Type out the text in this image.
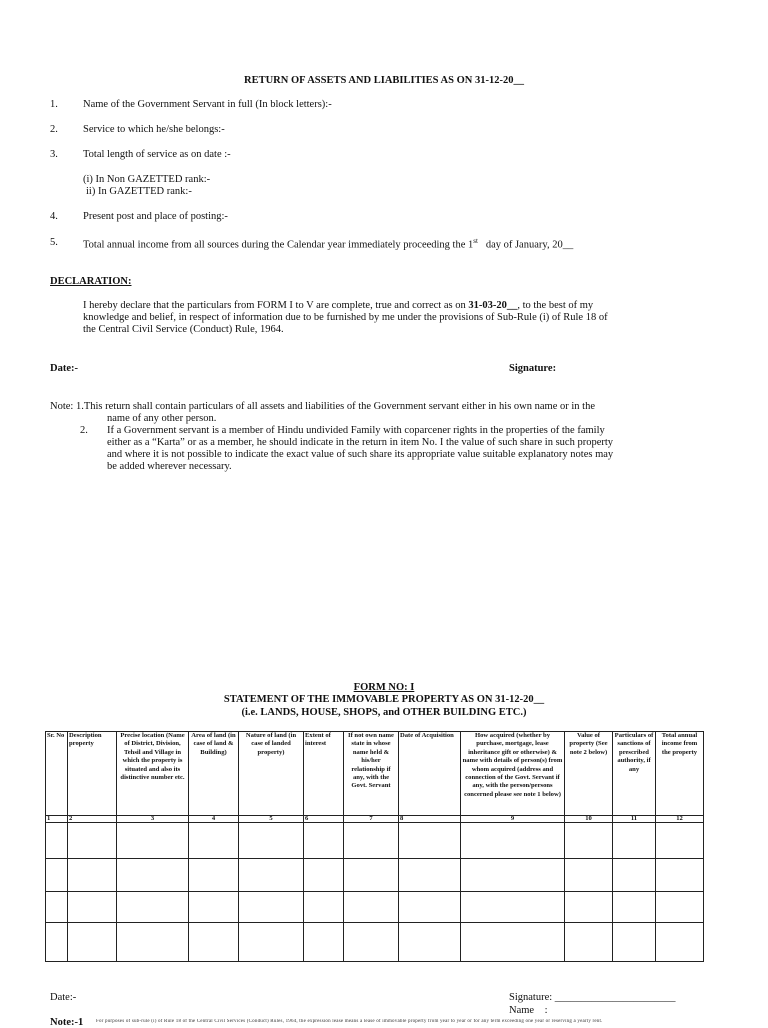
RETURN OF ASSETS AND LIABILITIES AS ON 31-12-20__
1. Name of the Government Servant in full (In block letters):-
2. Service to which he/she belongs:-
3. Total length of service as on date :-
(i) In Non GAZETTED rank:-
ii) In GAZETTED rank:-
4. Present post and place of posting:-
5. Total annual income from all sources during the Calendar year immediately proceeding the 1st   day of January, 20__
DECLARATION:
I hereby declare that the particulars from FORM I to V are complete, true and correct as on 31-03-20__, to the best of my
knowledge and belief, in respect of information due to be furnished by me under the provisions of Sub-Rule (i) of Rule 18 of
the Central Civil Service (Conduct) Rule, 1964.
Date:-	Signature:
Note: 1.This return shall contain particulars of all assets and liabilities of the Government servant either in his own name or in the
name of any other person.
2. If a Government servant is a member of Hindu undivided Family with coparcener rights in the properties of the family
either as a “Karta” or as a member, he should indicate in the return in item No. I the value of such share in such property
and where it is not possible to indicate the exact value of such share its appropriate value suitable explanatory notes may
be added wherever necessary.
FORM NO: I
STATEMENT OF THE IMMOVABLE PROPERTY AS ON 31-12-20__
(i.e. LANDS, HOUSE, SHOPS, and OTHER BUILDING ETC.)
Sr. No	Description property	Precise location (Name of District, Division, Tehsil and Village in which the property is situated and also its distinctive number etc.	Area of land (in case of land & Building)	Nature of land (in case of landed property)	Extent of interest	If not own name state in whose name held & his/her relationship if any, with the Govt. Servant	Date of Acquisition	How acquired (whether by purchase, mortgage, lease inheritance gift or otherwise) & name with details of person(s) from whom acquired (address and connection of the Govt. Servant if any, with the person/persons concerned please see note 1 below)	Value of property (See note 2 below)	Particulars of sanctions of prescribed authority, if any	Total annual income from the property
1	2	3	4	5	6	7	8	9	10	11	12

Date:-	Signature: _______________________
Name    :
Note:-1	For purposes of sub-rule (i) of Rule 18 of the Central Civil Services (Conduct) Rules, 1964, the expression lease means a lease of immovable property from year to year or for any term exceeding one year or reserving a yearly rent.
